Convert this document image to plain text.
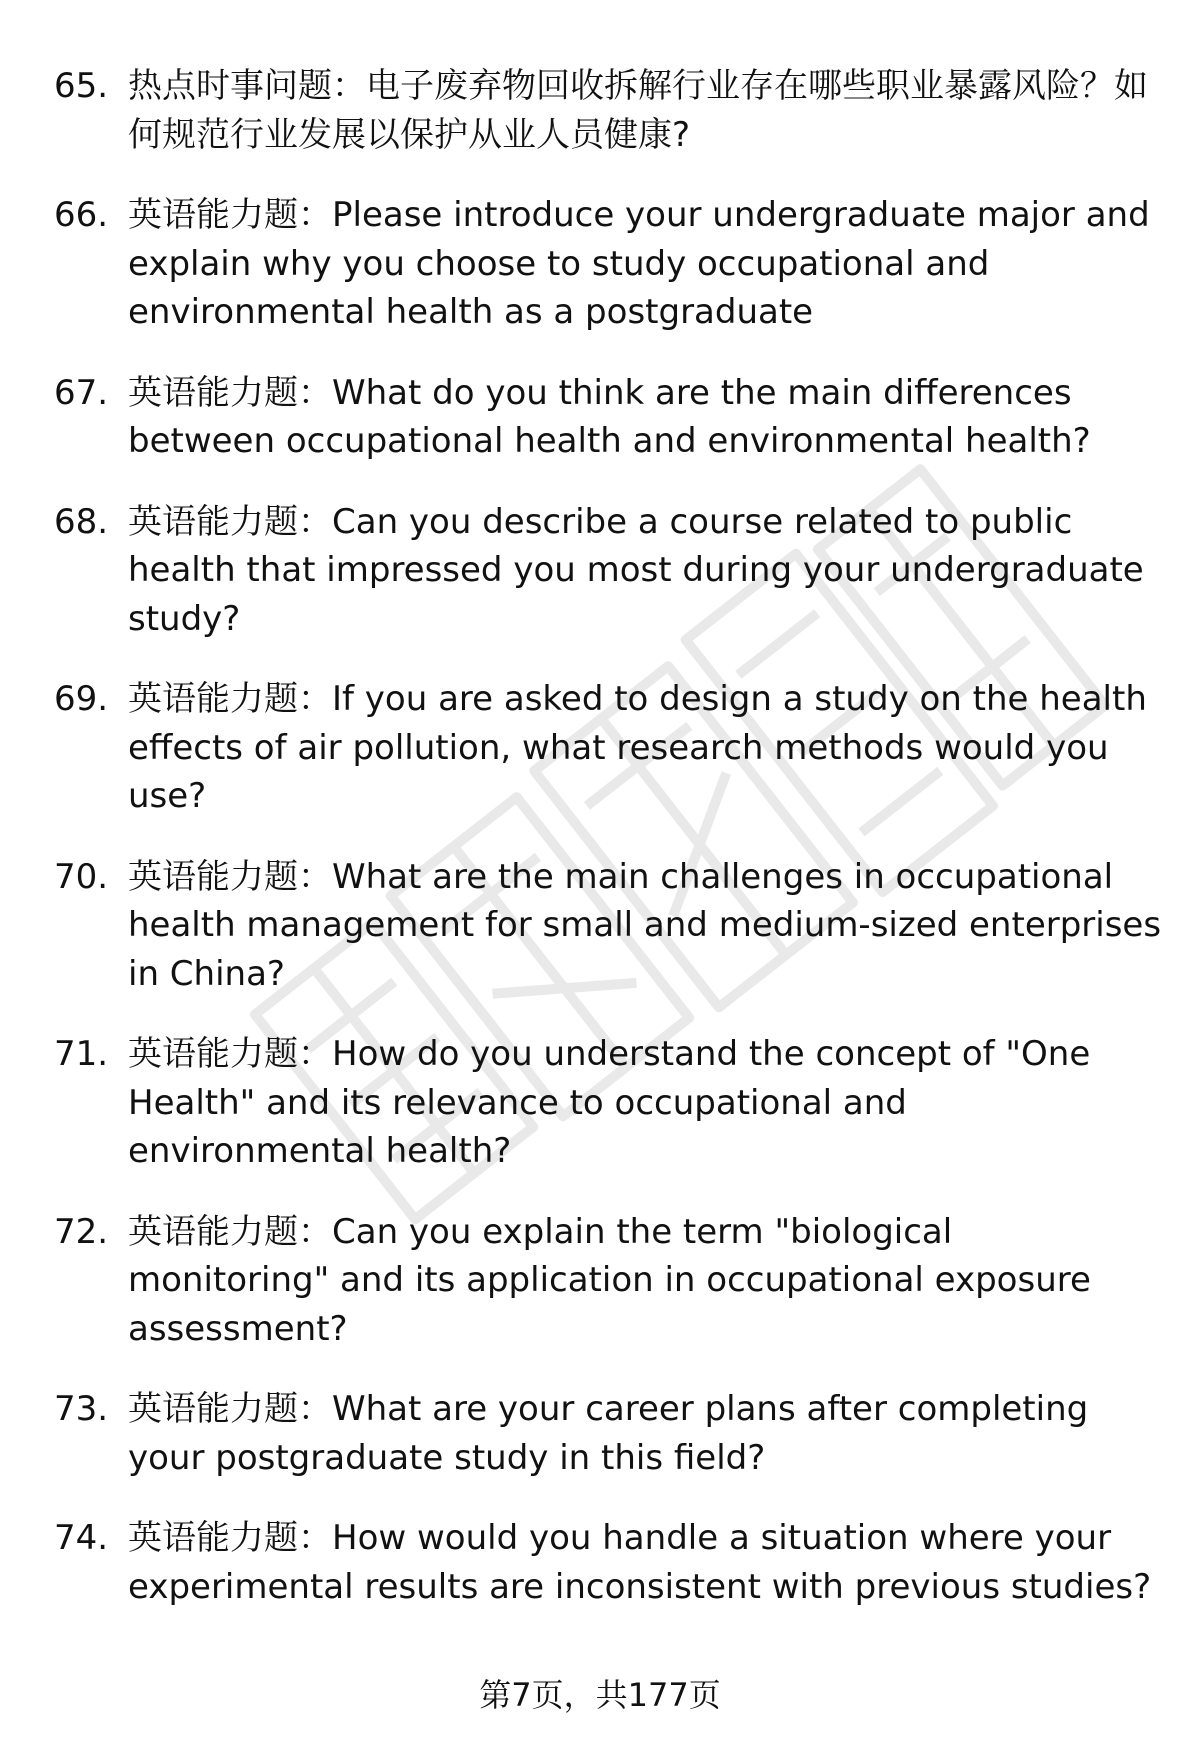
65. 热点时事问题：电子废弃物回收拆解行业存在哪些职业暴露风险？如何规范行业发展以保护从业人员健康?
66. 英语能力题：Please introduce your undergraduate major and explain why you choose to study occupational and environmental health as a postgraduate
67. 英语能力题：What do you think are the main differences between occupational health and environmental health?
68. 英语能力题：Can you describe a course related to public health that impressed you most during your undergraduate study?
69. 英语能力题：If you are asked to design a study on the health effects of air pollution, what research methods would you use?
70. 英语能力题：What are the main challenges in occupational health management for small and medium-sized enterprises in China?
71. 英语能力题：How do you understand the concept of "One Health" and its relevance to occupational and environmental health?
72. 英语能力题：Can you explain the term "biological monitoring" and its application in occupational exposure assessment?
73. 英语能力题：What are your career plans after completing your postgraduate study in this field?
74. 英语能力题：How would you handle a situation where your experimental results are inconsistent with previous studies?
第7页，共177页
